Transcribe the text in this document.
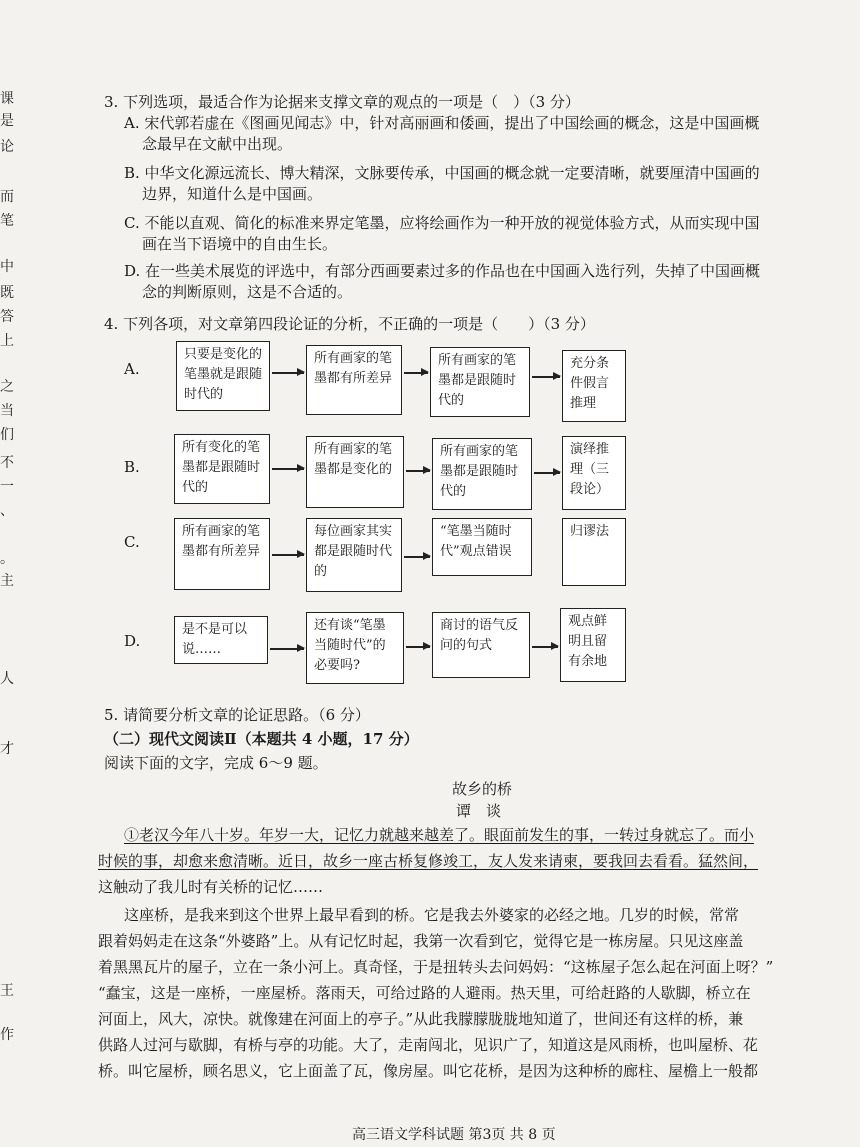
课
是
论
而
笔
中
既
答
上
之
当
们
不
一
、
。
主
人
才
王
作
3. 下列选项，最适合作为论据来支撑文章的观点的一项是（　）（3 分）
A. 宋代郭若虚在《图画见闻志》中，针对高丽画和倭画，提出了中国绘画的概念，这是中国画概
念最早在文献中出现。
B. 中华文化源远流长、博大精深，文脉要传承，中国画的概念就一定要清晰，就要厘清中国画的
边界，知道什么是中国画。
C. 不能以直观、简化的标准来界定笔墨，应将绘画作为一种开放的视觉体验方式，从而实现中国
画在当下语境中的自由生长。
D. 在一些美术展览的评选中，有部分西画要素过多的作品也在中国画入选行列，失掉了中国画概
念的判断原则，这是不合适的。
4. 下列各项，对文章第四段论证的分析，不正确的一项是（　　）（3 分）
A.
只要是变化的笔墨就是跟随时代的
所有画家的笔墨都有所差异
所有画家的笔墨都是跟随时代的
充分条件假言推理
B.
所有变化的笔墨都是跟随时代的
所有画家的笔墨都是变化的
所有画家的笔墨都是跟随时代的
演绎推理（三段论）
C.
所有画家的笔墨都有所差异
每位画家其实都是跟随时代的
“笔墨当随时代”观点错误
归谬法
D.
是不是可以说……
还有谈“笔墨当随时代”的必要吗?
商讨的语气反问的句式
观点鲜明且留有余地
5. 请简要分析文章的论证思路。（6 分）
（二）现代文阅读Ⅱ（本题共 4 小题，17 分）
阅读下面的文字，完成 6～9 题。
故乡的桥
谭　谈
①老汉今年八十岁。年岁一大，记忆力就越来越差了。眼面前发生的事，一转过身就忘了。而小
时候的事，却愈来愈清晰。近日，故乡一座古桥复修竣工，友人发来请柬，要我回去看看。猛然间，
这触动了我儿时有关桥的记忆……
这座桥，是我来到这个世界上最早看到的桥。它是我去外婆家的必经之地。几岁的时候，常常
跟着妈妈走在这条“外婆路”上。从有记忆时起，我第一次看到它，觉得它是一栋房屋。只见这座盖
着黑黑瓦片的屋子，立在一条小河上。真奇怪，于是扭转头去问妈妈：“这栋屋子怎么起在河面上呀？”
“蠢宝，这是一座桥，一座屋桥。落雨天，可给过路的人避雨。热天里，可给赶路的人歇脚，桥立在
河面上，风大，凉快。就像建在河面上的亭子。”从此我朦朦胧胧地知道了，世间还有这样的桥，兼
供路人过河与歇脚，有桥与亭的功能。大了，走南闯北，见识广了，知道这是风雨桥，也叫屋桥、花
桥。叫它屋桥，顾名思义，它上面盖了瓦，像房屋。叫它花桥，是因为这种桥的廊柱、屋檐上一般都
高三语文学科试题 第3页 共 8 页
